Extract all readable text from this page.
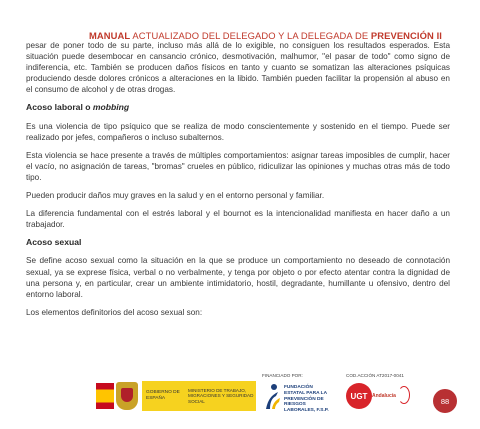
MANUAL ACTUALIZADO DEL DELEGADO Y LA DELEGADA DE PREVENCIÓN II

pesar de poner todo de su parte, incluso más allá de lo exigible, no consiguen los resultados esperados. Esta situación puede desembocar en cansancio crónico, desmotivación, malhumor, "el pasar de todo" como signo de indiferencia, etc. También se producen daños físicos en tanto y cuanto se somatizan las alteraciones psíquicas produciendo desde dolores crónicos a alteraciones en la libido. También pueden facilitar la propensión al abuso en el consumo de alcohol y de otras drogas.

Acoso laboral o mobbing

Es una violencia de tipo psíquico que se realiza de modo conscientemente y sostenido en el tiempo. Puede ser realizado por jefes, compañeros o incluso subalternos.

Esta violencia se hace presente a través de múltiples comportamientos: asignar tareas imposibles de cumplir, hacer el vacío, no asignación de tareas, "bromas" crueles en público, ridiculizar las opiniones y muchas otras más de todo tipo.

Pueden producir daños muy graves en la salud y en el entorno personal y familiar.

La diferencia fundamental con el estrés laboral y el bournot es la intencionalidad manifiesta en hacer daño a un trabajador.

Acoso sexual

Se define acoso sexual como la situación en la que se produce un comportamiento no deseado de connotación sexual, ya se exprese física, verbal o no verbalmente, y tenga por objeto o por efecto atentar contra la dignidad de una persona y, en particular, crear un ambiente intimidatorio, hostil, degradante, humillante u ofensivo, dentro del entorno laboral.

Los elementos definitorios del acoso sexual son:

FINANCIADO POR:	COD.ACCIÓN AT2017-0041
GOBIERNO DE ESPAÑA
MINISTERIO DE TRABAJO, MIGRACIONES Y SEGURIDAD SOCIAL
FUNDACIÓN ESTATAL PARA LA PREVENCIÓN DE RIESGOS LABORALES, F.S.P.
UGT Andalucía
88
